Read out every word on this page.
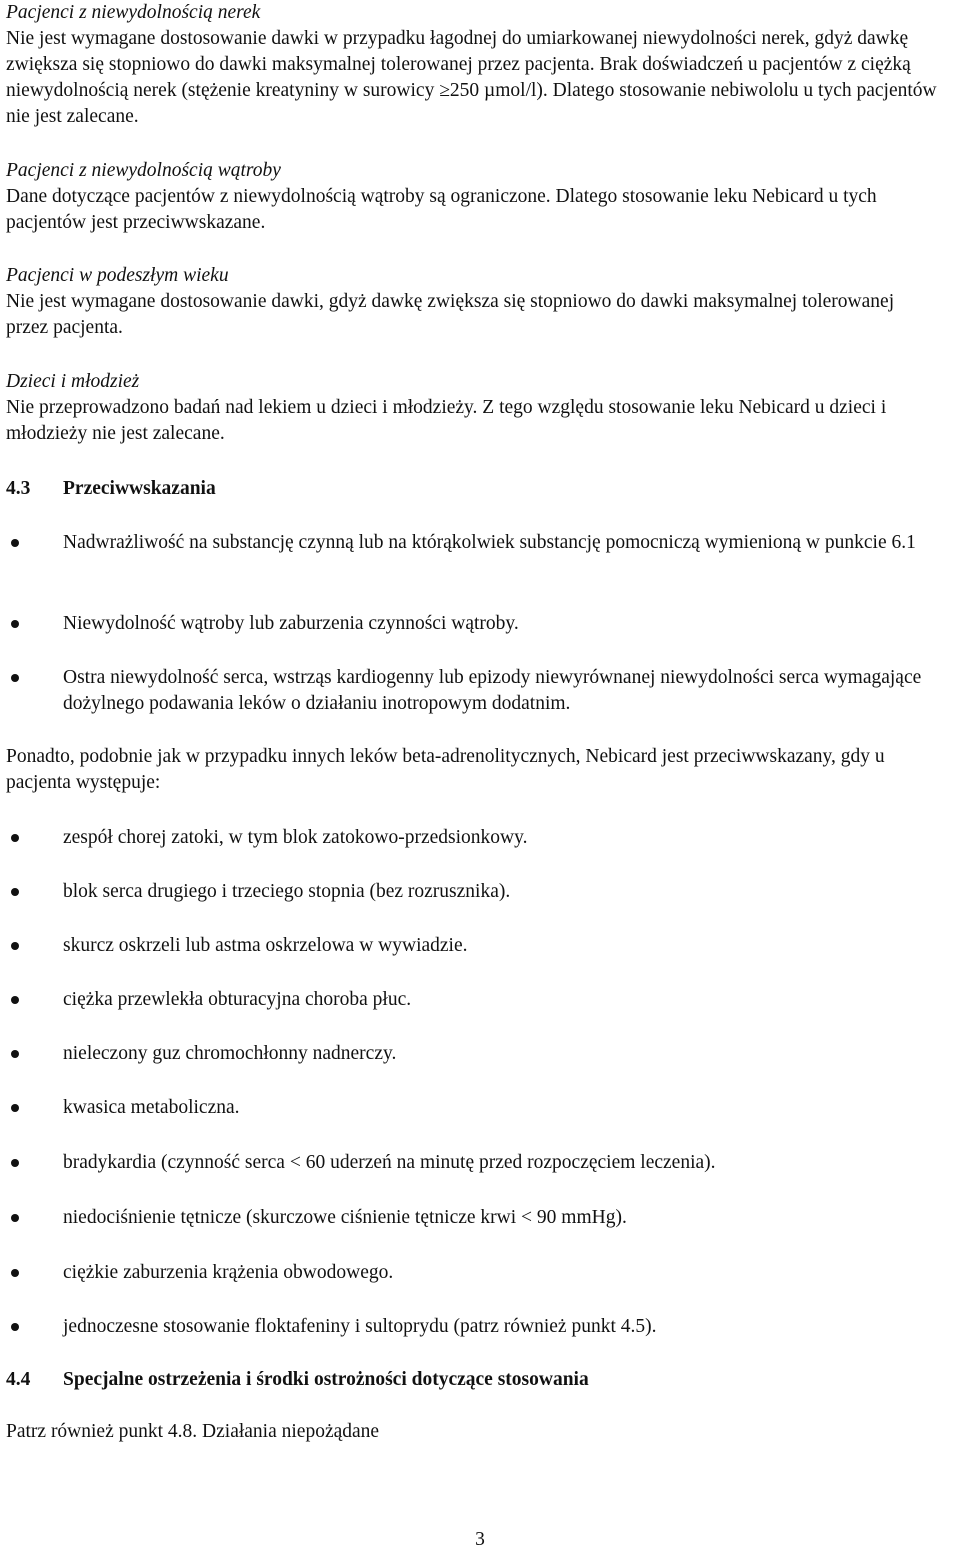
Pacjenci z niewydolnością nerek

Nie jest wymagane dostosowanie dawki w przypadku łagodnej do umiarkowanej niewydolności nerek, gdyż dawkę zwiększa się stopniowo do dawki maksymalnej tolerowanej przez pacjenta. Brak doświadczeń u pacjentów z ciężką niewydolnością nerek (stężenie kreatyniny w surowicy ≥250 µmol/l). Dlatego stosowanie nebiwololu u tych pacjentów nie jest zalecane.

Pacjenci z niewydolnością wątroby

Dane dotyczące pacjentów z niewydolnością wątroby są ograniczone. Dlatego stosowanie leku Nebicard u tych pacjentów jest przeciwwskazane.

Pacjenci w podeszłym wieku

Nie jest wymagane dostosowanie dawki, gdyż dawkę zwiększa się stopniowo do dawki maksymalnej tolerowanej przez pacjenta.

Dzieci i młodzież

Nie przeprowadzono badań nad lekiem u dzieci i młodzieży. Z tego względu stosowanie leku Nebicard u dzieci i młodzieży nie jest zalecane.

4.3 Przeciwwskazania
Nadwrażliwość na substancję czynną lub na którąkolwiek substancję pomocniczą wymienioną w punkcie 6.1
Niewydolność wątroby lub zaburzenia czynności wątroby.
Ostra niewydolność serca, wstrząs kardiogenny lub epizody niewyrównanej niewydolności serca wymagające dożylnego podawania leków o działaniu inotropowym dodatnim.

Ponadto, podobnie jak w przypadku innych leków beta-adrenolitycznych, Nebicard jest przeciwwskazany, gdy u pacjenta występuje:

zespół chorej zatoki, w tym blok zatokowo-przedsionkowy.
blok serca drugiego i trzeciego stopnia (bez rozrusznika).
skurcz oskrzeli lub astma oskrzelowa w wywiadzie.
ciężka przewlekła obturacyjna choroba płuc.
nieleczony guz chromochłonny nadnerczy.
kwasica metaboliczna.
bradykardia (czynność serca < 60 uderzeń na minutę przed rozpoczęciem leczenia).
niedociśnienie tętnicze (skurczowe ciśnienie tętnicze krwi < 90 mmHg).
ciężkie zaburzenia krążenia obwodowego.
jednoczesne stosowanie floktafeniny i sultoprydu (patrz również punkt 4.5).
4.4 Specjalne ostrzeżenia i środki ostrożności dotyczące stosowania

Patrz również punkt 4.8. Działania niepożądane

3
